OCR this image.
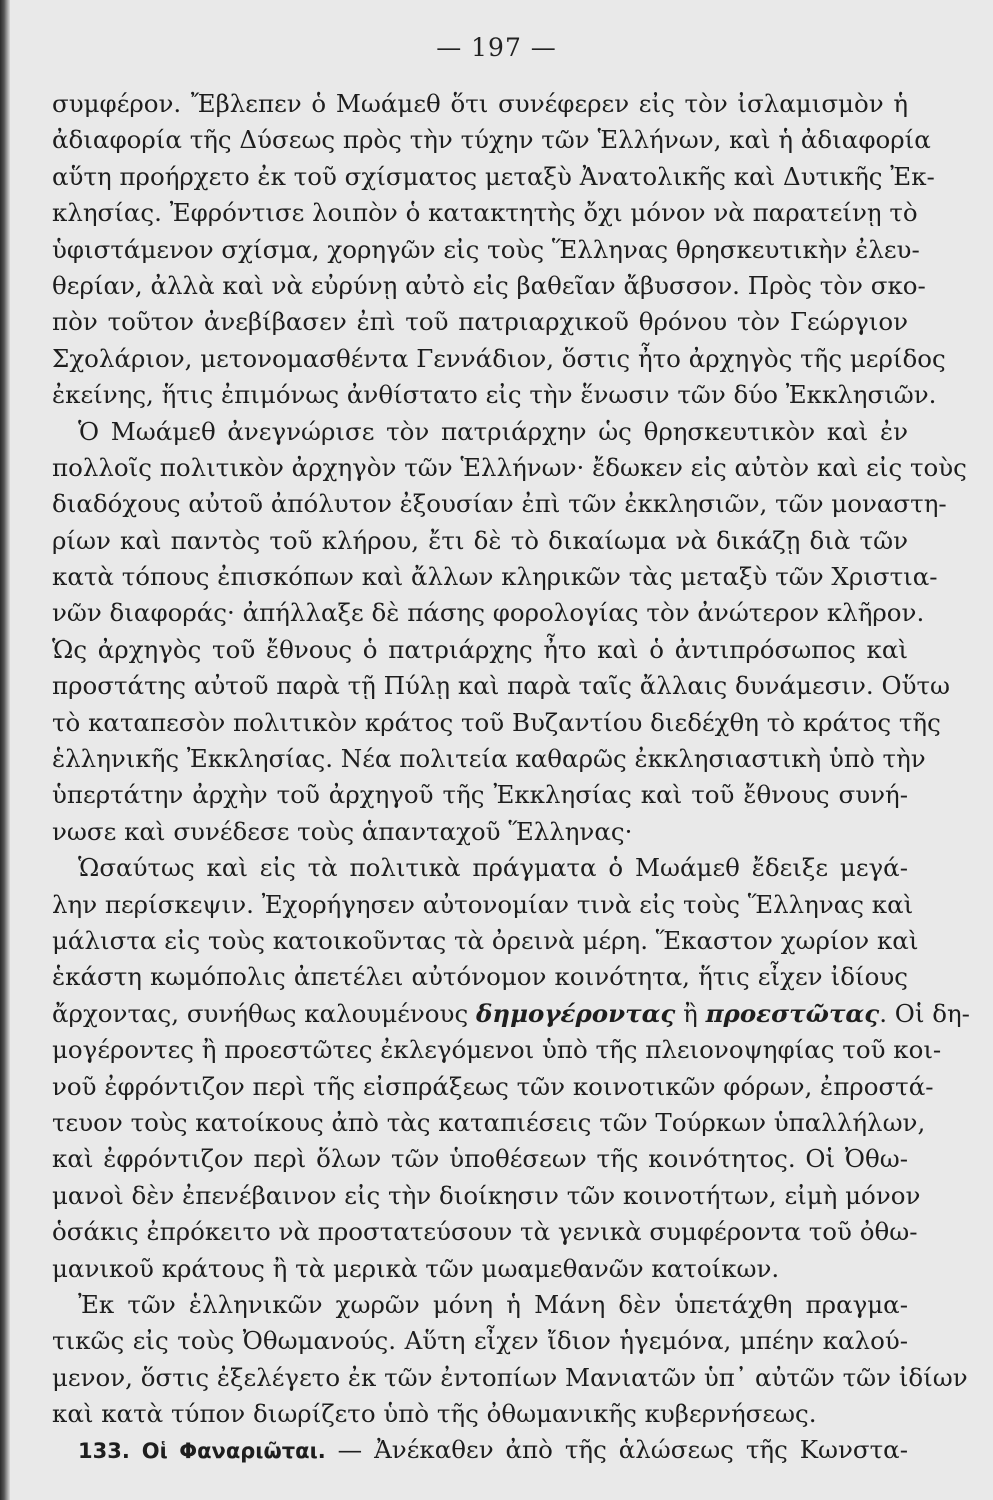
— 197 —
συμφέρον. Ἔβλεπεν ὁ Μωάμεθ ὅτι συνέφερεν εἰς τὸν ἰσλαμισμὸν ἡ
ἀδιαφορία τῆς Δύσεως πρὸς τὴν τύχην τῶν Ἑλλήνων, καὶ ἡ ἀδιαφορία
αὕτη προήρχετο ἐκ τοῦ σχίσματος μεταξὺ Ἀνατολικῆς καὶ Δυτικῆς Ἐκ-
κλησίας. Ἐφρόντισε λοιπὸν ὁ κατακτητὴς ὄχι μόνον νὰ παρατείνῃ τὸ
ὑφιστάμενον σχίσμα, χορηγῶν εἰς τοὺς Ἕλληνας θρησκευτικὴν ἐλευ-
θερίαν, ἀλλὰ καὶ νὰ εὐρύνῃ αὐτὸ εἰς βαθεῖαν ἄβυσσον. Πρὸς τὸν σκο-
πὸν τοῦτον ἀνεβίβασεν ἐπὶ τοῦ πατριαρχικοῦ θρόνου τὸν Γεώργιον
Σχολάριον, μετονομασθέντα Γεννάδιον, ὅστις ἦτο ἀρχηγὸς τῆς μερίδος
ἐκείνης, ἥτις ἐπιμόνως ἀνθίστατο εἰς τὴν ἕνωσιν τῶν δύο Ἐκκλησιῶν.
Ὁ Μωάμεθ ἀνεγνώρισε τὸν πατριάρχην ὡς θρησκευτικὸν καὶ ἐν
πολλοῖς πολιτικὸν ἀρχηγὸν τῶν Ἑλλήνων· ἔδωκεν εἰς αὐτὸν καὶ εἰς τοὺς
διαδόχους αὐτοῦ ἀπόλυτον ἐξουσίαν ἐπὶ τῶν ἐκκλησιῶν, τῶν μοναστη-
ρίων καὶ παντὸς τοῦ κλήρου, ἔτι δὲ τὸ δικαίωμα νὰ δικάζῃ διὰ τῶν
κατὰ τόπους ἐπισκόπων καὶ ἄλλων κληρικῶν τὰς μεταξὺ τῶν Χριστια-
νῶν διαφοράς· ἀπήλλαξε δὲ πάσης φορολογίας τὸν ἀνώτερον κλῆρον.
Ὡς ἀρχηγὸς τοῦ ἔθνους ὁ πατριάρχης ἦτο καὶ ὁ ἀντιπρόσωπος καὶ
προστάτης αὐτοῦ παρὰ τῇ Πύλῃ καὶ παρὰ ταῖς ἄλλαις δυνάμεσιν. Οὕτω
τὸ καταπεσὸν πολιτικὸν κράτος τοῦ Βυζαντίου διεδέχθη τὸ κράτος τῆς
ἑλληνικῆς Ἐκκλησίας. Νέα πολιτεία καθαρῶς ἐκκλησιαστικὴ ὑπὸ τὴν
ὑπερτάτην ἀρχὴν τοῦ ἀρχηγοῦ τῆς Ἐκκλησίας καὶ τοῦ ἔθνους συνή-
νωσε καὶ συνέδεσε τοὺς ἁπανταχοῦ Ἕλληνας·
Ὡσαύτως καὶ εἰς τὰ πολιτικὰ πράγματα ὁ Μωάμεθ ἔδειξε μεγά-
λην περίσκεψιν. Ἐχορήγησεν αὐτονομίαν τινὰ εἰς τοὺς Ἕλληνας καὶ
μάλιστα εἰς τοὺς κατοικοῦντας τὰ ὀρεινὰ μέρη. Ἕκαστον χωρίον καὶ
ἑκάστη κωμόπολις ἀπετέλει αὐτόνομον κοινότητα, ἥτις εἶχεν ἰδίους
ἄρχοντας, συνήθως καλουμένους δημογέροντας ἢ προεστῶτας. Οἱ δη-
μογέροντες ἢ προεστῶτες ἐκλεγόμενοι ὑπὸ τῆς πλειονοψηφίας τοῦ κοι-
νοῦ ἐφρόντιζον περὶ τῆς εἰσπράξεως τῶν κοινοτικῶν φόρων, ἐπροστά-
τευον τοὺς κατοίκους ἀπὸ τὰς καταπιέσεις τῶν Τούρκων ὑπαλλήλων,
καὶ ἐφρόντιζον περὶ ὅλων τῶν ὑποθέσεων τῆς κοινότητος. Οἱ Ὀθω-
μανοὶ δὲν ἐπενέβαινον εἰς τὴν διοίκησιν τῶν κοινοτήτων, εἰμὴ μόνον
ὁσάκις ἐπρόκειτο νὰ προστατεύσουν τὰ γενικὰ συμφέροντα τοῦ ὀθω-
μανικοῦ κράτους ἢ τὰ μερικὰ τῶν μωαμεθανῶν κατοίκων.
Ἐκ τῶν ἑλληνικῶν χωρῶν μόνη ἡ Μάνη δὲν ὑπετάχθη πραγμα-
τικῶς εἰς τοὺς Ὀθωμανούς. Αὕτη εἶχεν ἴδιον ἡγεμόνα, μπέην καλού-
μενον, ὅστις ἐξελέγετο ἐκ τῶν ἐντοπίων Μανιατῶν ὑπ᾿ αὐτῶν τῶν ἰδίων
καὶ κατὰ τύπον διωρίζετο ὑπὸ τῆς ὀθωμανικῆς κυβερνήσεως.
133. Οἱ Φαναριῶται. — Ἀνέκαθεν ἀπὸ τῆς ἁλώσεως τῆς Κωνστα-
